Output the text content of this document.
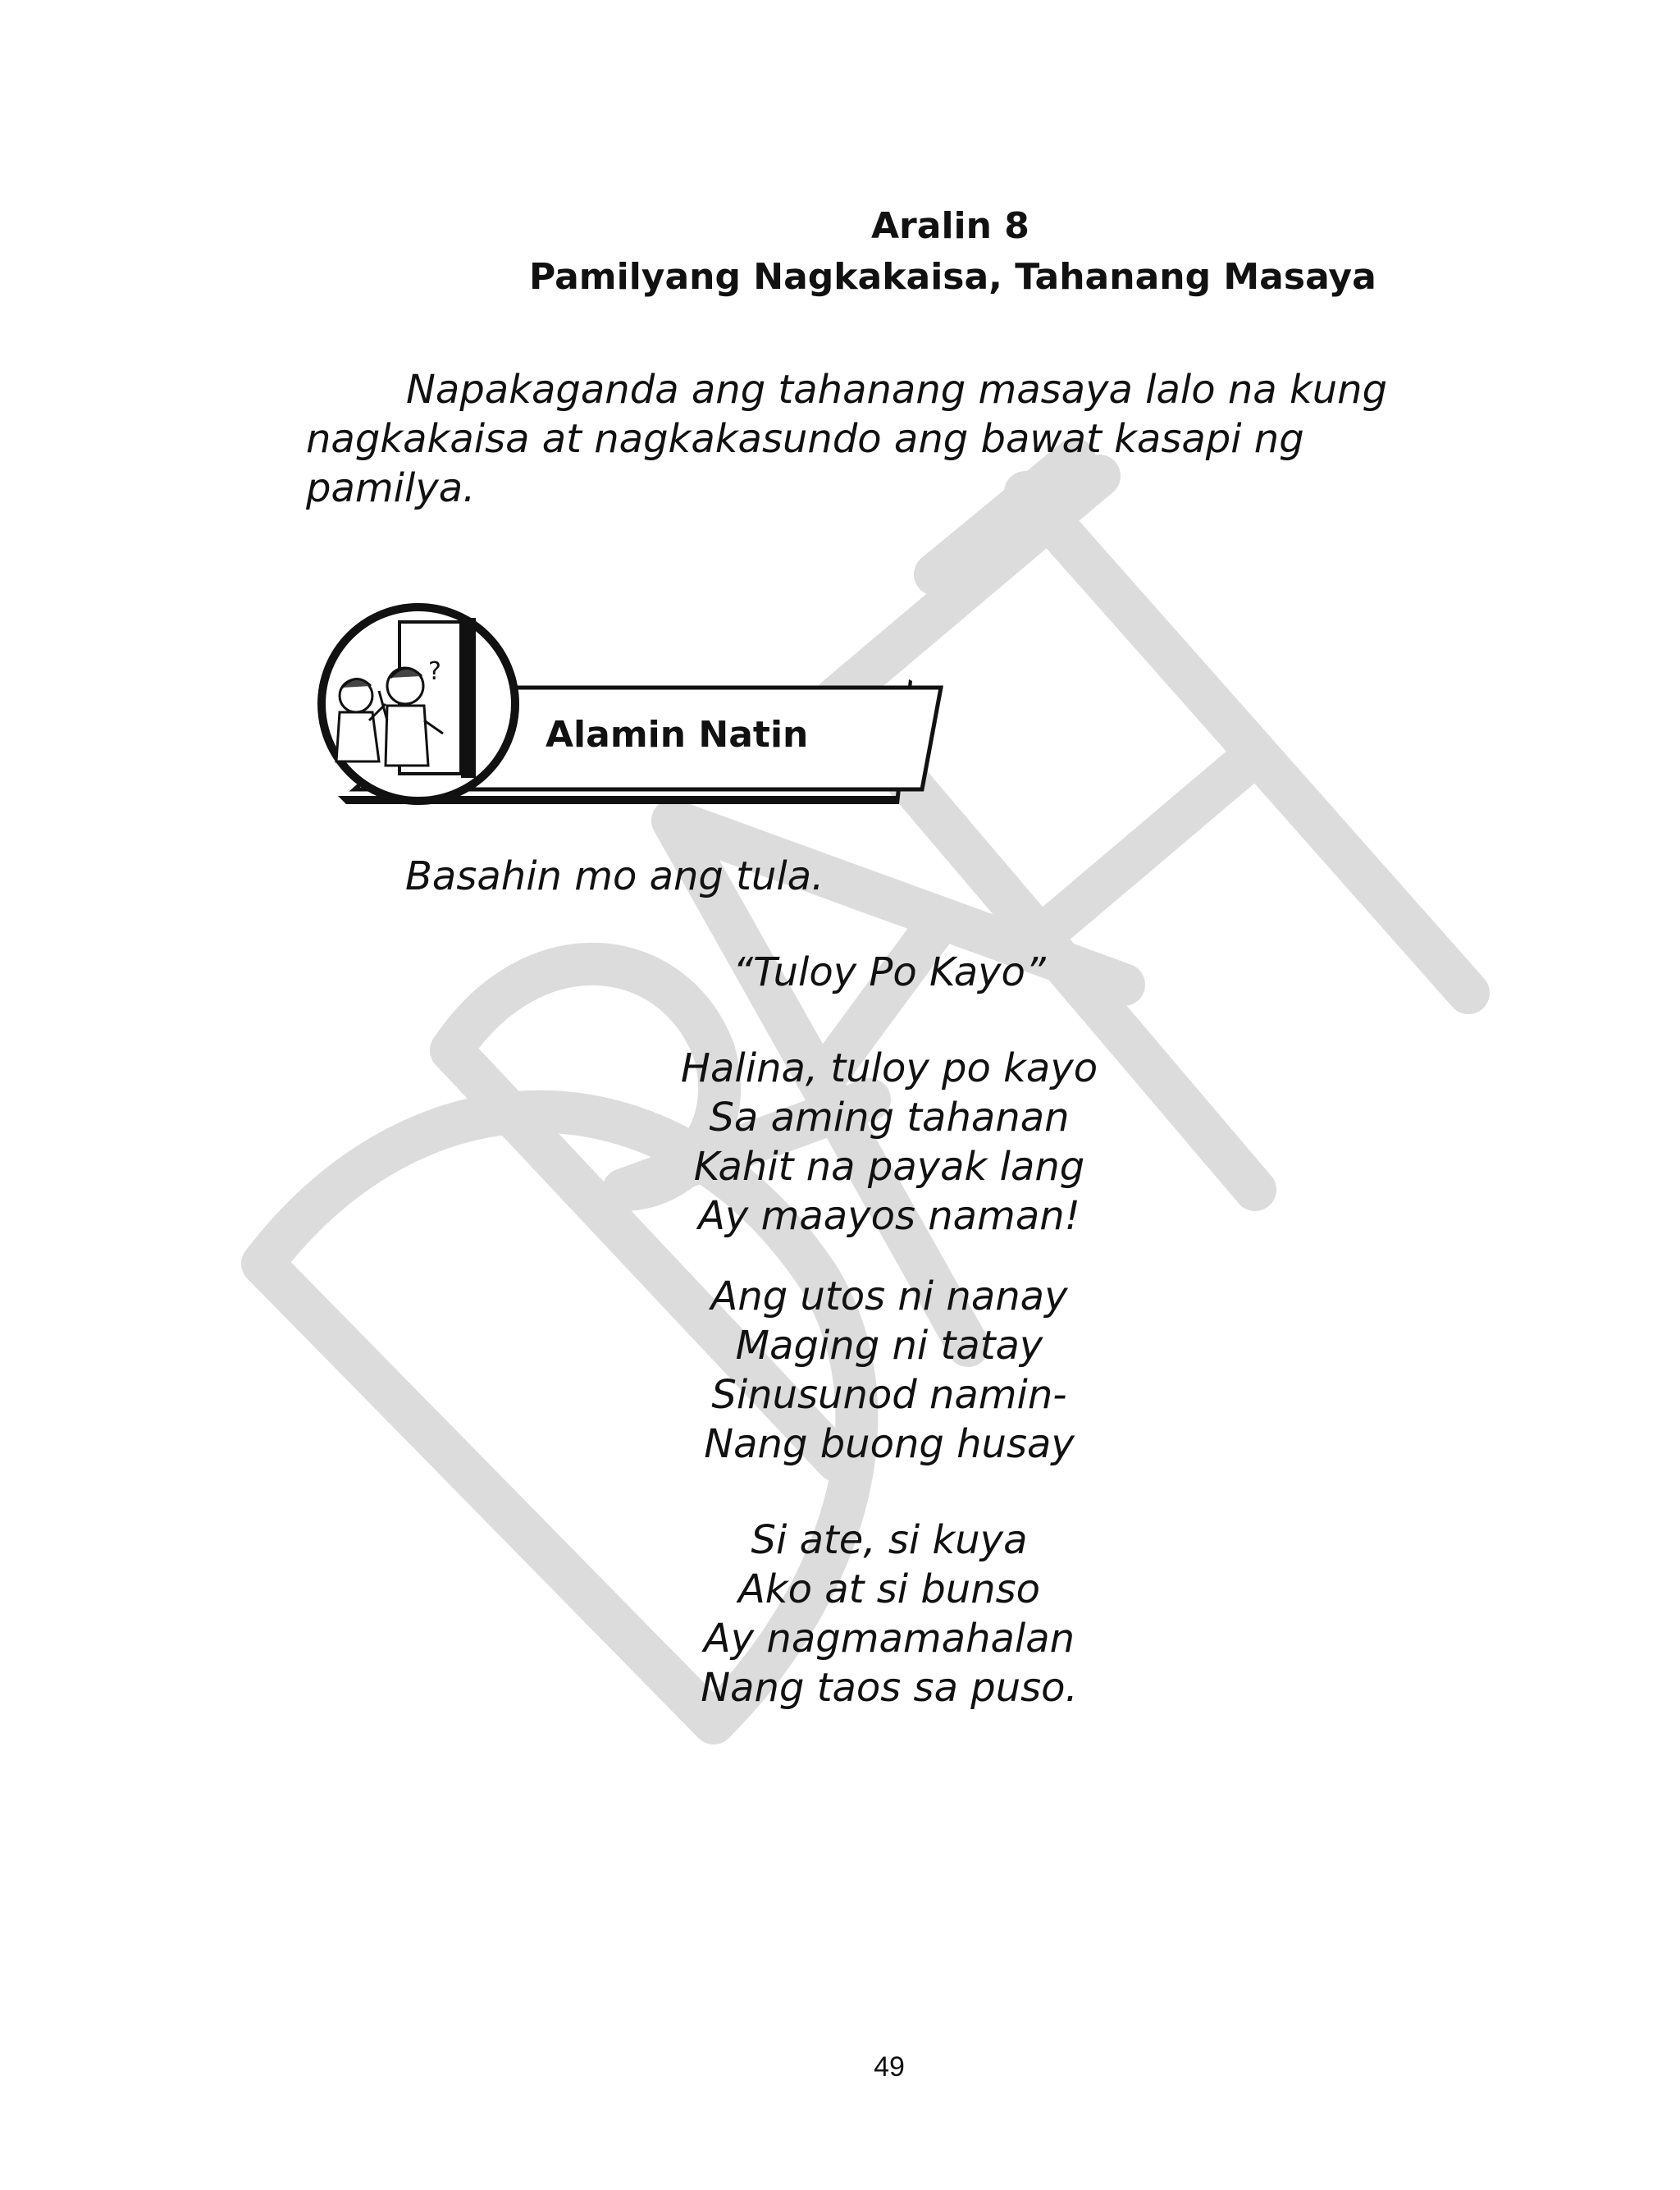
Aralin 8
Pamilyang Nagkakaisa, Tahanang Masaya
Napakaganda ang tahanang masaya lalo na kung
nagkakaisa at nagkakasundo ang bawat kasapi ng
pamilya.
?
Alamin Natin
Basahin mo ang tula.
“Tuloy Po Kayo”
Halina, tuloy po kayo
Sa aming tahanan
Kahit na payak lang
Ay maayos naman!
Ang utos ni nanay
Maging ni tatay
Sinusunod namin-
Nang buong husay
Si ate, si kuya
Ako at si bunso
Ay nagmamahalan
Nang taos sa puso.
49
